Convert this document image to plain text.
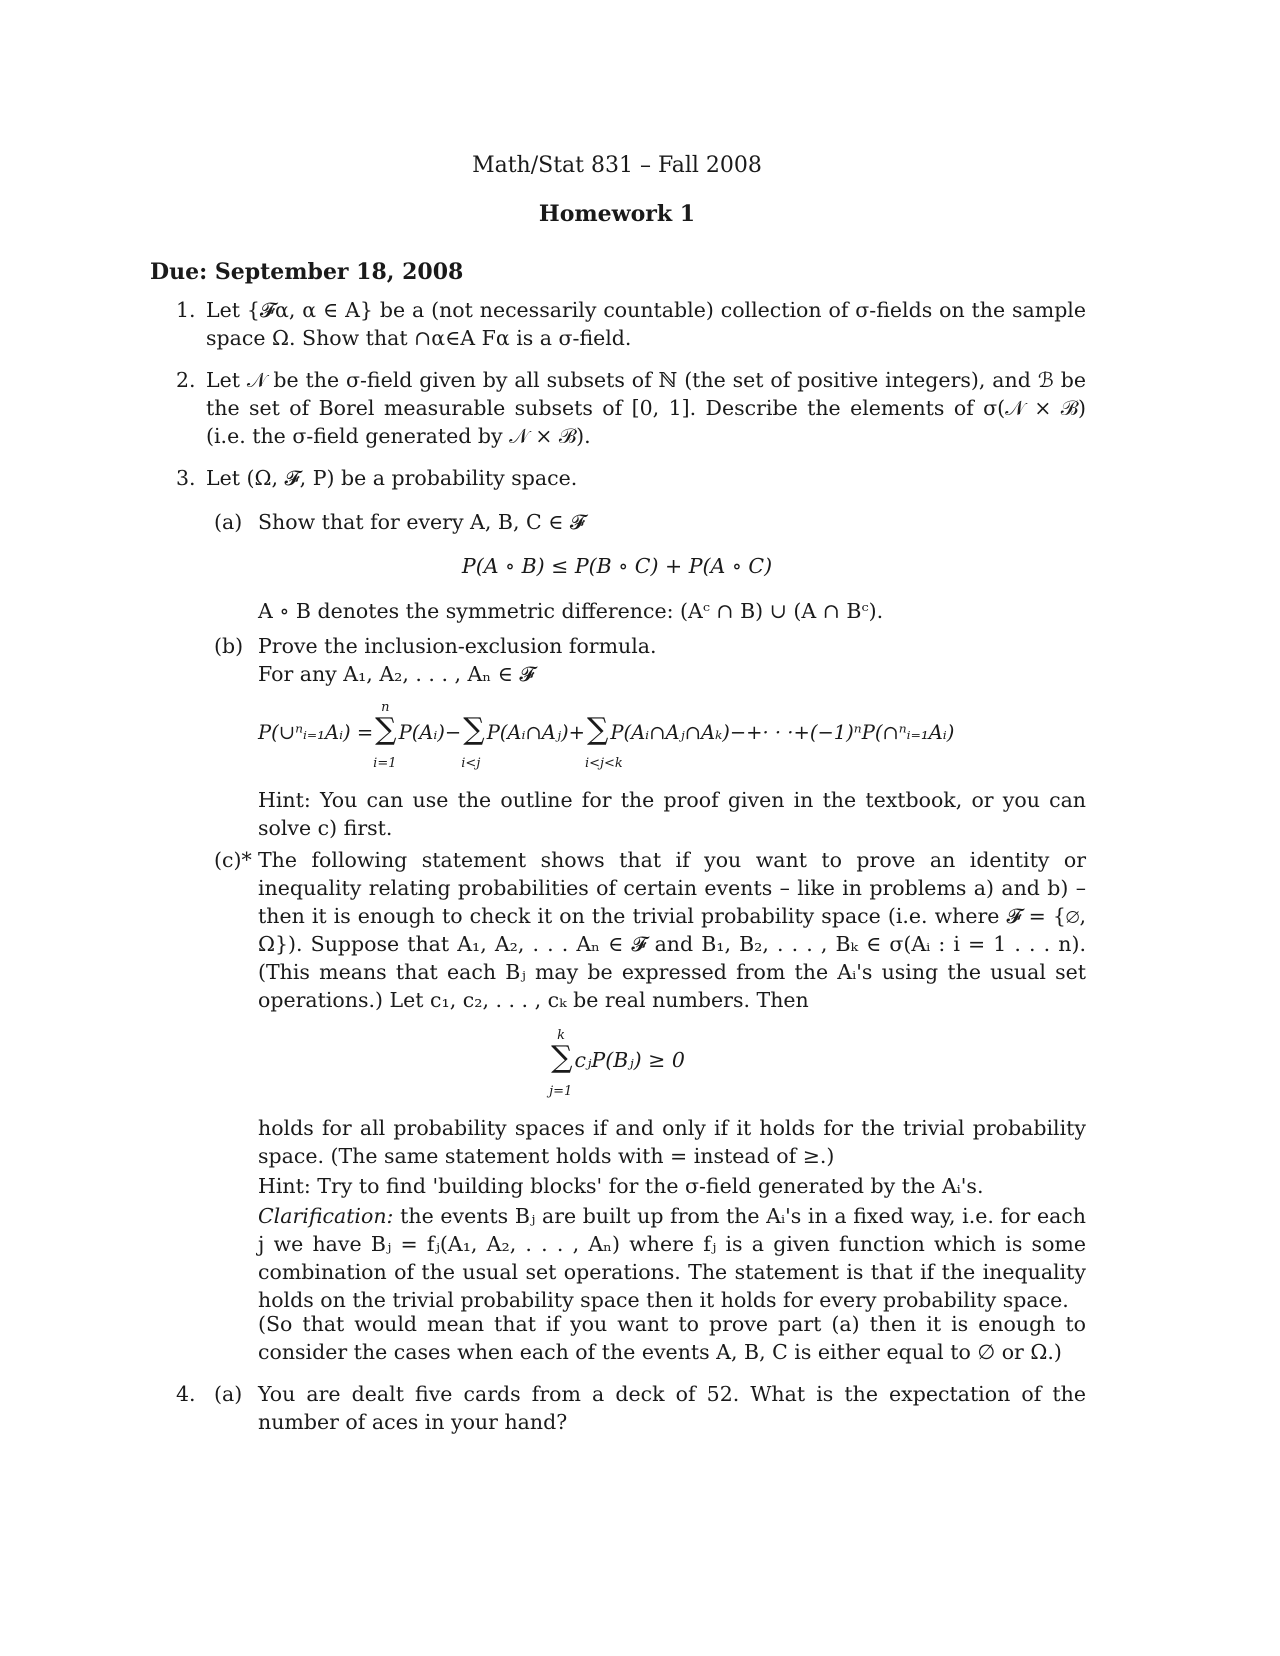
Math/Stat 831 – Fall 2008
Homework 1
Due: September 18, 2008
1. Let {𝓕α, α ∈ A} be a (not necessarily countable) collection of σ-fields on the sample space Ω. Show that ∩α∈A Fα is a σ-field.
2. Let 𝒩 be the σ-field given by all subsets of ℕ (the set of positive integers), and ℬ be the set of Borel measurable subsets of [0, 1]. Describe the elements of σ(𝒩 × ℬ) (i.e. the σ-field generated by 𝒩 × ℬ).
3. Let (Ω, 𝓕, P) be a probability space.
(a) Show that for every A, B, C ∈ 𝓕
P(A ∘ B) ≤ P(B ∘ C) + P(A ∘ C)
A ∘ B denotes the symmetric difference: (Aᶜ ∩ B) ∪ (A ∩ Bᶜ).
(b) Prove the inclusion-exclusion formula.
For any A₁, A₂, . . . , Aₙ ∈ 𝓕
P(∪ⁿᵢ₌₁Aᵢ) =∑
n
i=1
P(Aᵢ)−∑
i<j
P(Aᵢ∩Aⱼ)+∑
i<j<k
P(Aᵢ∩Aⱼ∩Aₖ)−+· · ·+(−1)ⁿP(∩ⁿᵢ₌₁Aᵢ)
Hint: You can use the outline for the proof given in the textbook, or you can solve c) first.
(c)* The following statement shows that if you want to prove an identity or inequality relating probabilities of certain events – like in problems a) and b) – then it is enough to check it on the trivial probability space (i.e. where 𝓕 = {∅, Ω}). Suppose that A₁, A₂, . . . Aₙ ∈ 𝓕 and B₁, B₂, . . . , Bₖ ∈ σ(Aᵢ : i = 1 . . . n). (This means that each Bⱼ may be expressed from the Aᵢ's using the usual set operations.) Let c₁, c₂, . . . , cₖ be real numbers. Then
∑
k
j=1
cⱼP(Bⱼ) ≥ 0
holds for all probability spaces if and only if it holds for the trivial probability space. (The same statement holds with = instead of ≥.)
Hint: Try to find 'building blocks' for the σ-field generated by the Aᵢ's.
Clarification: the events Bⱼ are built up from the Aᵢ's in a fixed way, i.e. for each j we have Bⱼ = fⱼ(A₁, A₂, . . . , Aₙ) where fⱼ is a given function which is some combination of the usual set operations. The statement is that if the inequality holds on the trivial probability space then it holds for every probability space.
(So that would mean that if you want to prove part (a) then it is enough to consider the cases when each of the events A, B, C is either equal to ∅ or Ω.)
4. (a) You are dealt five cards from a deck of 52. What is the expectation of the number of aces in your hand?
